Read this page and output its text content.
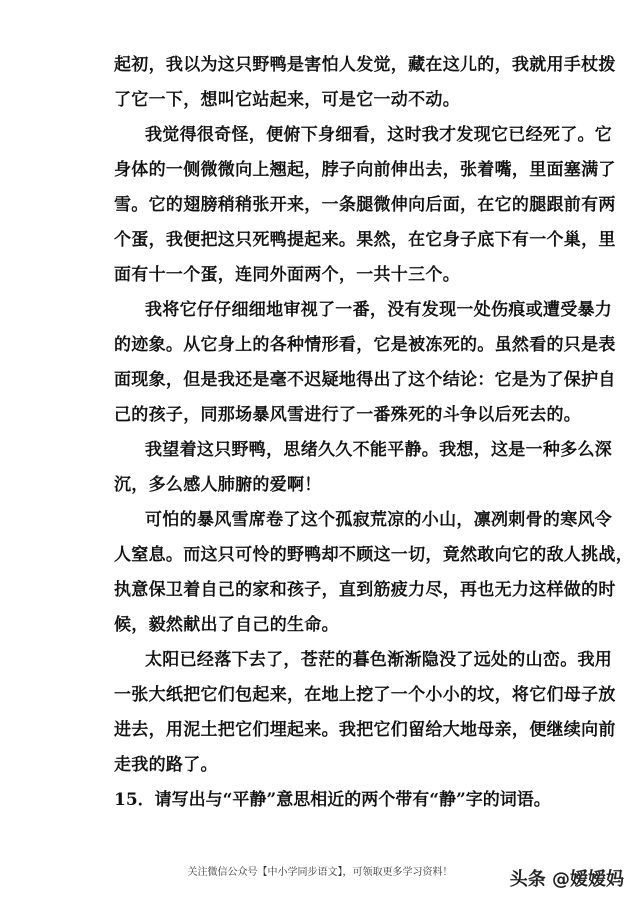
起初，我以为这只野鸭是害怕人发觉，藏在这儿的，我就用手杖拨
了它一下，想叫它站起来，可是它一动不动。
我觉得很奇怪，便俯下身细看，这时我才发现它已经死了。它
身体的一侧微微向上翘起，脖子向前伸出去，张着嘴，里面塞满了
雪。它的翅膀稍稍张开来，一条腿微伸向后面，在它的腿跟前有两
个蛋，我便把这只死鸭提起来。果然，在它身子底下有一个巢，里
面有十一个蛋，连同外面两个，一共十三个。
我将它仔仔细细地审视了一番，没有发现一处伤痕或遭受暴力
的迹象。从它身上的各种情形看，它是被冻死的。虽然看的只是表
面现象，但是我还是毫不迟疑地得出了这个结论：它是为了保护自
己的孩子，同那场暴风雪进行了一番殊死的斗争以后死去的。
我望着这只野鸭，思绪久久不能平静。我想，这是一种多么深
沉，多么感人肺腑的爱啊！
可怕的暴风雪席卷了这个孤寂荒凉的小山，凛冽刺骨的寒风令
人窒息。而这只可怜的野鸭却不顾这一切，竟然敢向它的敌人挑战，
执意保卫着自己的家和孩子，直到筋疲力尽，再也无力这样做的时
候，毅然献出了自己的生命。
太阳已经落下去了，苍茫的暮色渐渐隐没了远处的山峦。我用
一张大纸把它们包起来，在地上挖了一个小小的坟，将它们母子放
进去，用泥土把它们埋起来。我把它们留给大地母亲，便继续向前
15．请写出与“平静”意思相近的两个带有“静”字的词语。
关注微信公众号【中小学同步语文】，可领取更多学习资料！	头条 @嫒嫒妈
走我的路了。
